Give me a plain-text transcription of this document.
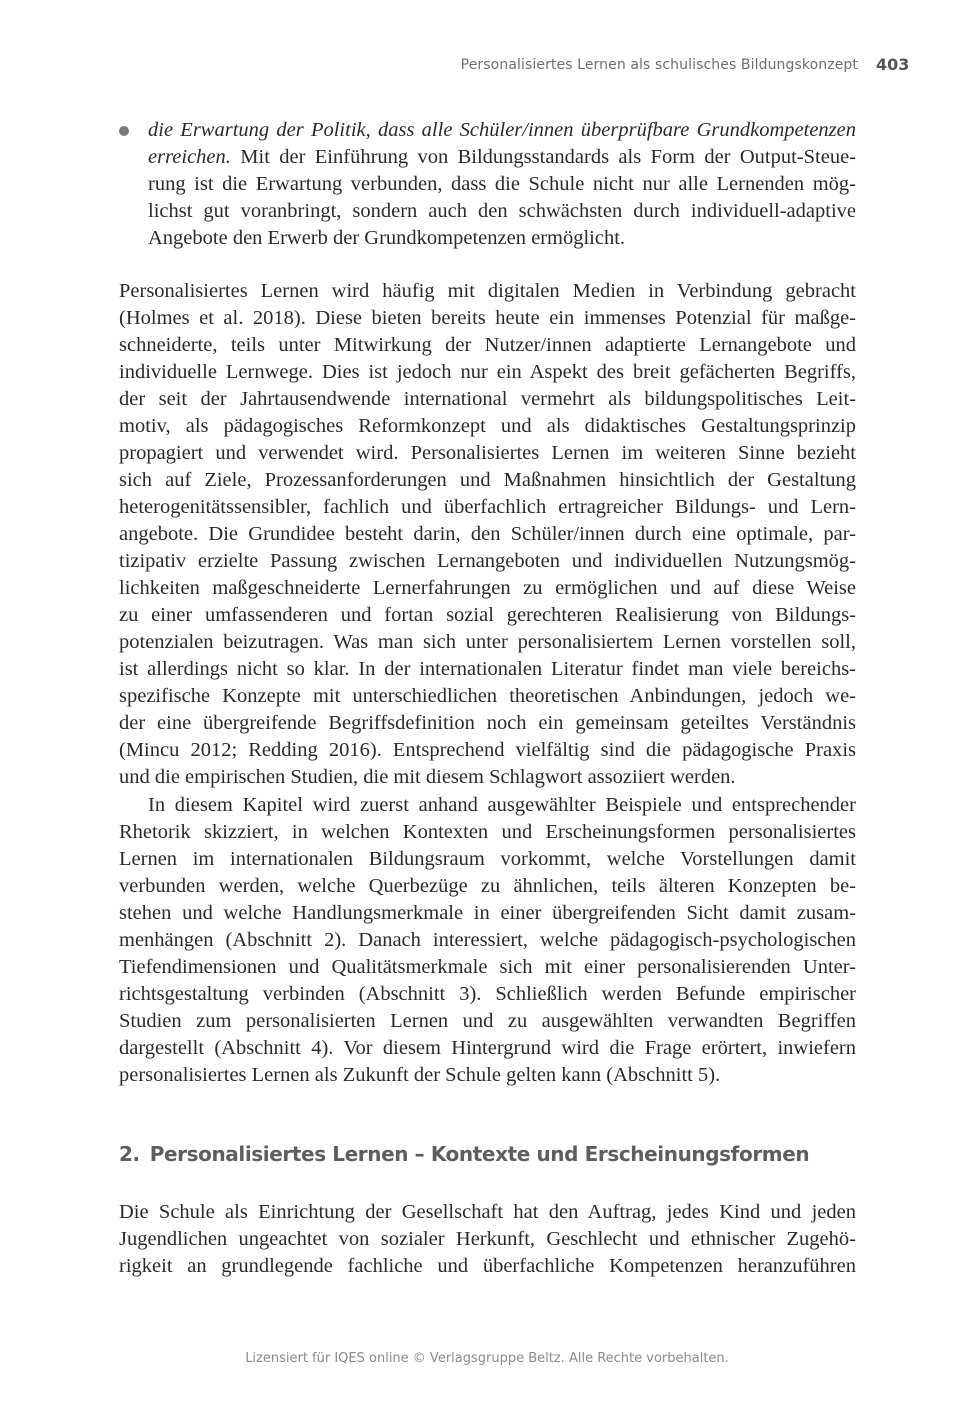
Personalisiertes Lernen als schulisches Bildungskonzept 403
die Erwartung der Politik, dass alle Schüler/innen überprüfbare Grundkompetenzen
erreichen. Mit der Einführung von Bildungsstandards als Form der Output-Steue-
rung ist die Erwartung verbunden, dass die Schule nicht nur alle Lernenden mög-
lichst gut voranbringt, sondern auch den schwächsten durch individuell-adaptive
Angebote den Erwerb der Grundkompetenzen ermöglicht.
Personalisiertes Lernen wird häufig mit digitalen Medien in Verbindung gebracht
(Holmes et al. 2018). Diese bieten bereits heute ein immenses Potenzial für maßge-
schneiderte, teils unter Mitwirkung der Nutzer/innen adaptierte Lernangebote und
individuelle Lernwege. Dies ist jedoch nur ein Aspekt des breit gefächerten Begriffs,
der seit der Jahrtausendwende international vermehrt als bildungspolitisches Leit-
motiv, als pädagogisches Reformkonzept und als didaktisches Gestaltungsprinzip
propagiert und verwendet wird. Personalisiertes Lernen im weiteren Sinne bezieht
sich auf Ziele, Prozessanforderungen und Maßnahmen hinsichtlich der Gestaltung
heterogenitätssensibler, fachlich und überfachlich ertragreicher Bildungs- und Lern-
angebote. Die Grundidee besteht darin, den Schüler/innen durch eine optimale, par-
tizipativ erzielte Passung zwischen Lernangeboten und individuellen Nutzungsmög-
lichkeiten maßgeschneiderte Lernerfahrungen zu ermöglichen und auf diese Weise
zu einer umfassenderen und fortan sozial gerechteren Realisierung von Bildungs-
potenzialen beizutragen. Was man sich unter personalisiertem Lernen vorstellen soll,
ist allerdings nicht so klar. In der internationalen Literatur findet man viele bereichs-
spezifische Konzepte mit unterschiedlichen theoretischen Anbindungen, jedoch we-
der eine übergreifende Begriffsdefinition noch ein gemeinsam geteiltes Verständnis
(Mincu 2012; Redding 2016). Entsprechend vielfältig sind die pädagogische Praxis
und die empirischen Studien, die mit diesem Schlagwort assoziiert werden.
In diesem Kapitel wird zuerst anhand ausgewählter Beispiele und entsprechender
Rhetorik skizziert, in welchen Kontexten und Erscheinungsformen personalisiertes
Lernen im internationalen Bildungsraum vorkommt, welche Vorstellungen damit
verbunden werden, welche Querbezüge zu ähnlichen, teils älteren Konzepten be-
stehen und welche Handlungsmerkmale in einer übergreifenden Sicht damit zusam-
menhängen (Abschnitt 2). Danach interessiert, welche pädagogisch-psychologischen
Tiefendimensionen und Qualitätsmerkmale sich mit einer personalisierenden Unter-
richtsgestaltung verbinden (Abschnitt 3). Schließlich werden Befunde empirischer
Studien zum personalisierten Lernen und zu ausgewählten verwandten Begriffen
dargestellt (Abschnitt 4). Vor diesem Hintergrund wird die Frage erörtert, inwiefern
personalisiertes Lernen als Zukunft der Schule gelten kann (Abschnitt 5).
2. Personalisiertes Lernen – Kontexte und Erscheinungsformen
Die Schule als Einrichtung der Gesellschaft hat den Auftrag, jedes Kind und jeden
Jugendlichen ungeachtet von sozialer Herkunft, Geschlecht und ethnischer Zugehö-
rigkeit an grundlegende fachliche und überfachliche Kompetenzen heranzuführen
Lizensiert für IQES online © Verlagsgruppe Beltz. Alle Rechte vorbehalten.
